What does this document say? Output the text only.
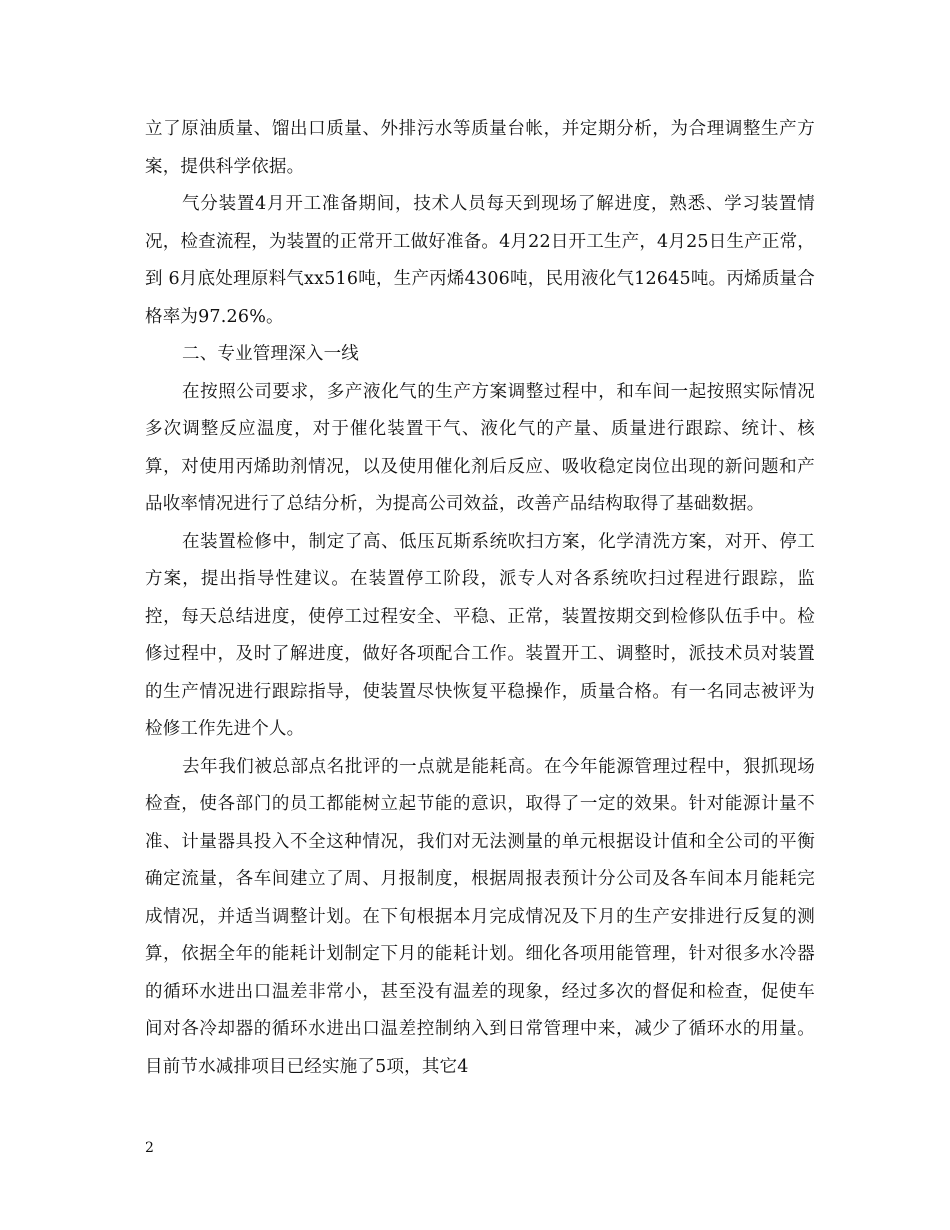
立了原油质量、馏出口质量、外排污水等质量台帐，并定期分析，为合理调整生产方案，提供科学依据。

气分装置4月开工准备期间，技术人员每天到现场了解进度，熟悉、学习装置情况，检查流程，为装置的正常开工做好准备。4月22日开工生产，4月25日生产正常，到 6月底处理原料气xx516吨，生产丙烯4306吨，民用液化气12645吨。丙烯质量合格率为97.26%。

二、专业管理深入一线

在按照公司要求，多产液化气的生产方案调整过程中，和车间一起按照实际情况多次调整反应温度，对于催化装置干气、液化气的产量、质量进行跟踪、统计、核算，对使用丙烯助剂情况，以及使用催化剂后反应、吸收稳定岗位出现的新问题和产品收率情况进行了总结分析，为提高公司效益，改善产品结构取得了基础数据。

在装置检修中，制定了高、低压瓦斯系统吹扫方案，化学清洗方案，对开、停工方案，提出指导性建议。在装置停工阶段，派专人对各系统吹扫过程进行跟踪，监控，每天总结进度，使停工过程安全、平稳、正常，装置按期交到检修队伍手中。检修过程中，及时了解进度，做好各项配合工作。装置开工、调整时，派技术员对装置的生产情况进行跟踪指导，使装置尽快恢复平稳操作，质量合格。有一名同志被评为检修工作先进个人。

去年我们被总部点名批评的一点就是能耗高。在今年能源管理过程中，狠抓现场检查，使各部门的员工都能树立起节能的意识，取得了一定的效果。针对能源计量不准、计量器具投入不全这种情况，我们对无法测量的单元根据设计值和全公司的平衡确定流量，各车间建立了周、月报制度，根据周报表预计分公司及各车间本月能耗完成情况，并适当调整计划。在下旬根据本月完成情况及下月的生产安排进行反复的测算，依据全年的能耗计划制定下月的能耗计划。细化各项用能管理，针对很多水冷器的循环水进出口温差非常小，甚至没有温差的现象，经过多次的督促和检查，促使车间对各冷却器的循环水进出口温差控制纳入到日常管理中来，减少了循环水的用量。目前节水减排项目已经实施了5项，其它4

2
